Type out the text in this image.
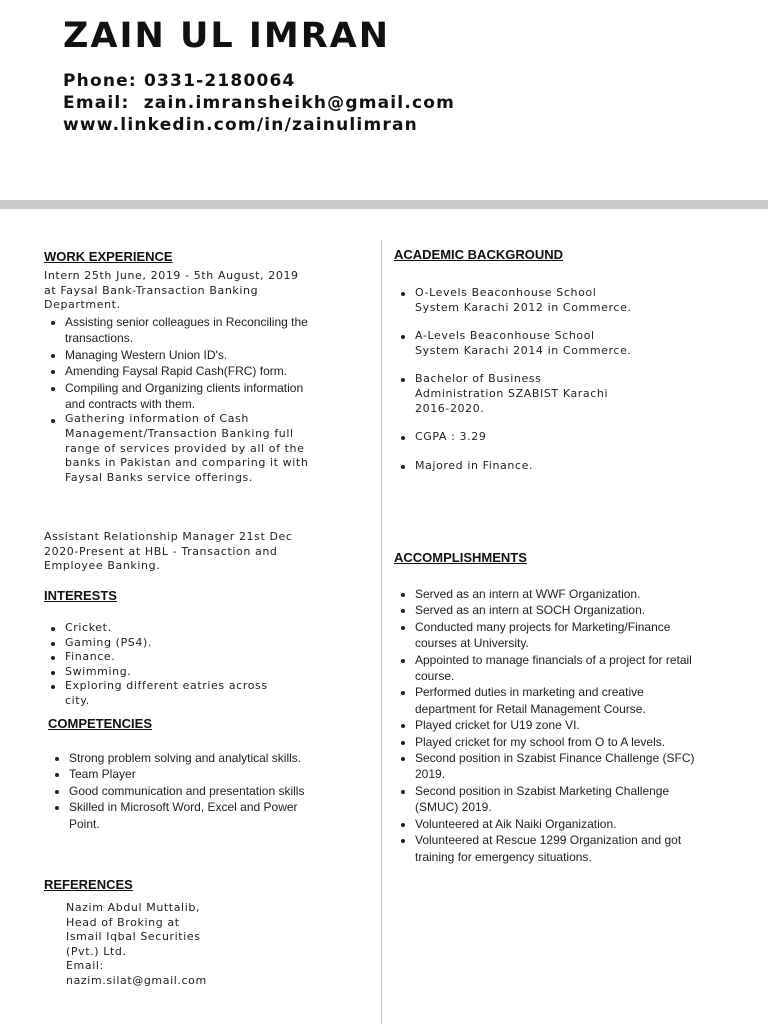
ZAIN UL IMRAN
Phone: 0331-2180064
Email:  zain.imransheikh@gmail.com
www.linkedin.com/in/zainulimran
WORK EXPERIENCE

Intern 25th June, 2019 - 5th August, 2019 at Faysal Bank-Transaction Banking Department.

Assisting senior colleagues in Reconciling the transactions.
Managing Western Union ID's.
Amending Faysal Rapid Cash(FRC) form.
Compiling and Organizing clients information and contracts with them.
Gathering information of Cash Management/Transaction Banking full range of services provided by all of the banks in Pakistan and comparing it with Faysal Banks service offerings.

Assistant Relationship Manager 21st Dec 2020-Present at HBL - Transaction and Employee Banking.

INTERESTS
Cricket.
Gaming (PS4).
Finance.
Swimming.
Exploring different eatries across city.
COMPETENCIES
Strong problem solving and analytical skills.
Team Player
Good communication and presentation skills
Skilled in Microsoft Word, Excel and Power Point.
REFERENCES

Nazim Abdul Muttalib,

Head of Broking at

Ismail Iqbal Securities

(Pvt.) Ltd.

Email:

nazim.silat@gmail.com

ACADEMIC BACKGROUND
O-Levels Beaconhouse School System Karachi 2012 in Commerce.
A-Levels Beaconhouse School System Karachi 2014 in Commerce.
Bachelor of Business Administration SZABIST Karachi 2016-2020.
CGPA : 3.29
Majored in Finance.
ACCOMPLISHMENTS
Served as an intern at WWF Organization.
Served as an intern at SOCH Organization.
Conducted many projects for Marketing/Finance courses at University.
Appointed to manage financials of a project for retail course.
Performed duties in marketing and creative department for Retail Management Course.
Played cricket for U19 zone VI.
Played cricket for my school from O to A levels.
Second position in Szabist Finance Challenge (SFC) 2019.
Second position in Szabist Marketing Challenge (SMUC) 2019.
Volunteered at Aik Naiki Organization.
Volunteered at Rescue 1299 Organization and got training for emergency situations.
